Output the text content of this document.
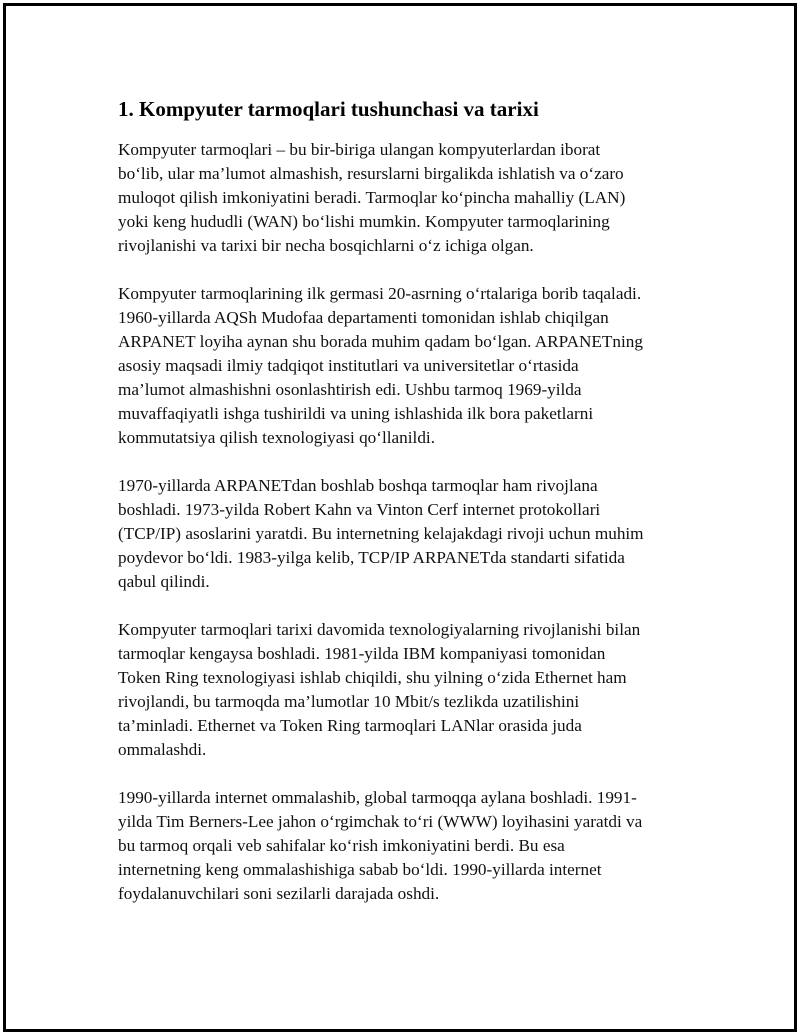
1. Kompyuter tarmoqlari tushunchasi va tarixi
Kompyuter tarmoqlari – bu bir-biriga ulangan kompyuterlardan iborat
bo‘lib, ular ma’lumot almashish, resurslarni birgalikda ishlatish va o‘zaro
muloqot qilish imkoniyatini beradi. Tarmoqlar ko‘pincha mahalliy (LAN)
yoki keng hududli (WAN) bo‘lishi mumkin. Kompyuter tarmoqlarining
rivojlanishi va tarixi bir necha bosqichlarni o‘z ichiga olgan.
Kompyuter tarmoqlarining ilk germasi 20-asrning o‘rtalariga borib taqaladi.
1960-yillarda AQSh Mudofaa departamenti tomonidan ishlab chiqilgan
ARPANET loyiha aynan shu borada muhim qadam bo‘lgan. ARPANETning
asosiy maqsadi ilmiy tadqiqot institutlari va universitetlar o‘rtasida
ma’lumot almashishni osonlashtirish edi. Ushbu tarmoq 1969-yilda
muvaffaqiyatli ishga tushirildi va uning ishlashida ilk bora paketlarni
kommutatsiya qilish texnologiyasi qo‘llanildi.
1970-yillarda ARPANETdan boshlab boshqa tarmoqlar ham rivojlana
boshladi. 1973-yilda Robert Kahn va Vinton Cerf internet protokollari
(TCP/IP) asoslarini yaratdi. Bu internetning kelajakdagi rivoji uchun muhim
poydevor bo‘ldi. 1983-yilga kelib, TCP/IP ARPANETda standarti sifatida
qabul qilindi.
Kompyuter tarmoqlari tarixi davomida texnologiyalarning rivojlanishi bilan
tarmoqlar kengaysa boshladi. 1981-yilda IBM kompaniyasi tomonidan
Token Ring texnologiyasi ishlab chiqildi, shu yilning o‘zida Ethernet ham
rivojlandi, bu tarmoqda ma’lumotlar 10 Mbit/s tezlikda uzatilishini
ta’minladi. Ethernet va Token Ring tarmoqlari LANlar orasida juda
ommalashdi.
1990-yillarda internet ommalashib, global tarmoqqa aylana boshladi. 1991-
yilda Tim Berners-Lee jahon o‘rgimchak to‘ri (WWW) loyihasini yaratdi va
bu tarmoq orqali veb sahifalar ko‘rish imkoniyatini berdi. Bu esa
internetning keng ommalashishiga sabab bo‘ldi. 1990-yillarda internet
foydalanuvchilari soni sezilarli darajada oshdi.
